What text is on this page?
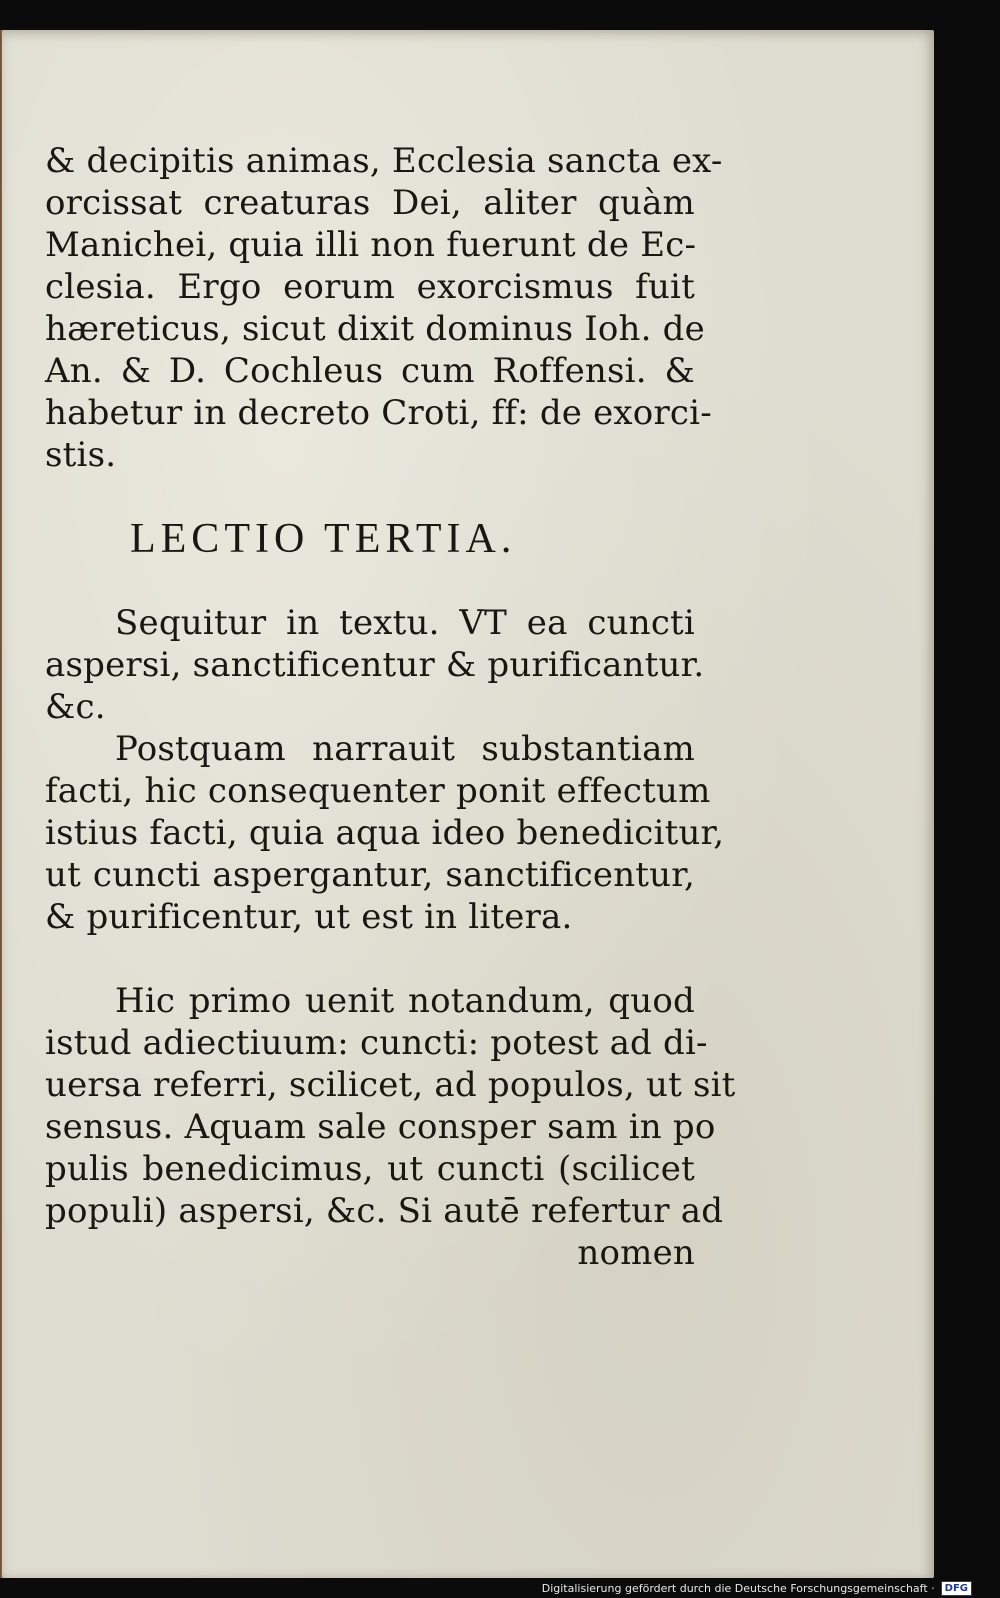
& decipitis animas, Ecclesia sancta ex-
orcissat creaturas Dei, aliter quàm
Manichei, quia illi non fuerunt de Ec-
clesia. Ergo eorum exorcismus fuit
hæreticus, sicut dixit dominus Ioh. de
An. & D. Cochleus cum Roffensi. &
habetur in decreto Croti, ff: de exorci-
stis.
LECTIO TERTIA.
Sequitur in textu. VT ea cuncti
aspersi, sanctificentur & purificantur.
&c.
Postquam narrauit substantiam
facti, hic consequenter ponit effectum
istius facti, quia aqua ideo benedicitur,
ut cuncti aspergantur, sanctificentur,
& purificentur, ut est in litera.
Hic primo uenit notandum, quod
istud adiectiuum: cuncti: potest ad di-
uersa referri, scilicet, ad populos, ut sit
sensus. Aquam sale consper sam in po
pulis benedicimus, ut cuncti (scilicet
populi) aspersi, &c. Si autē refertur ad
nomen
Digitalisierung gefördert durch die Deutsche Forschungsgemeinschaft ·	DFG
